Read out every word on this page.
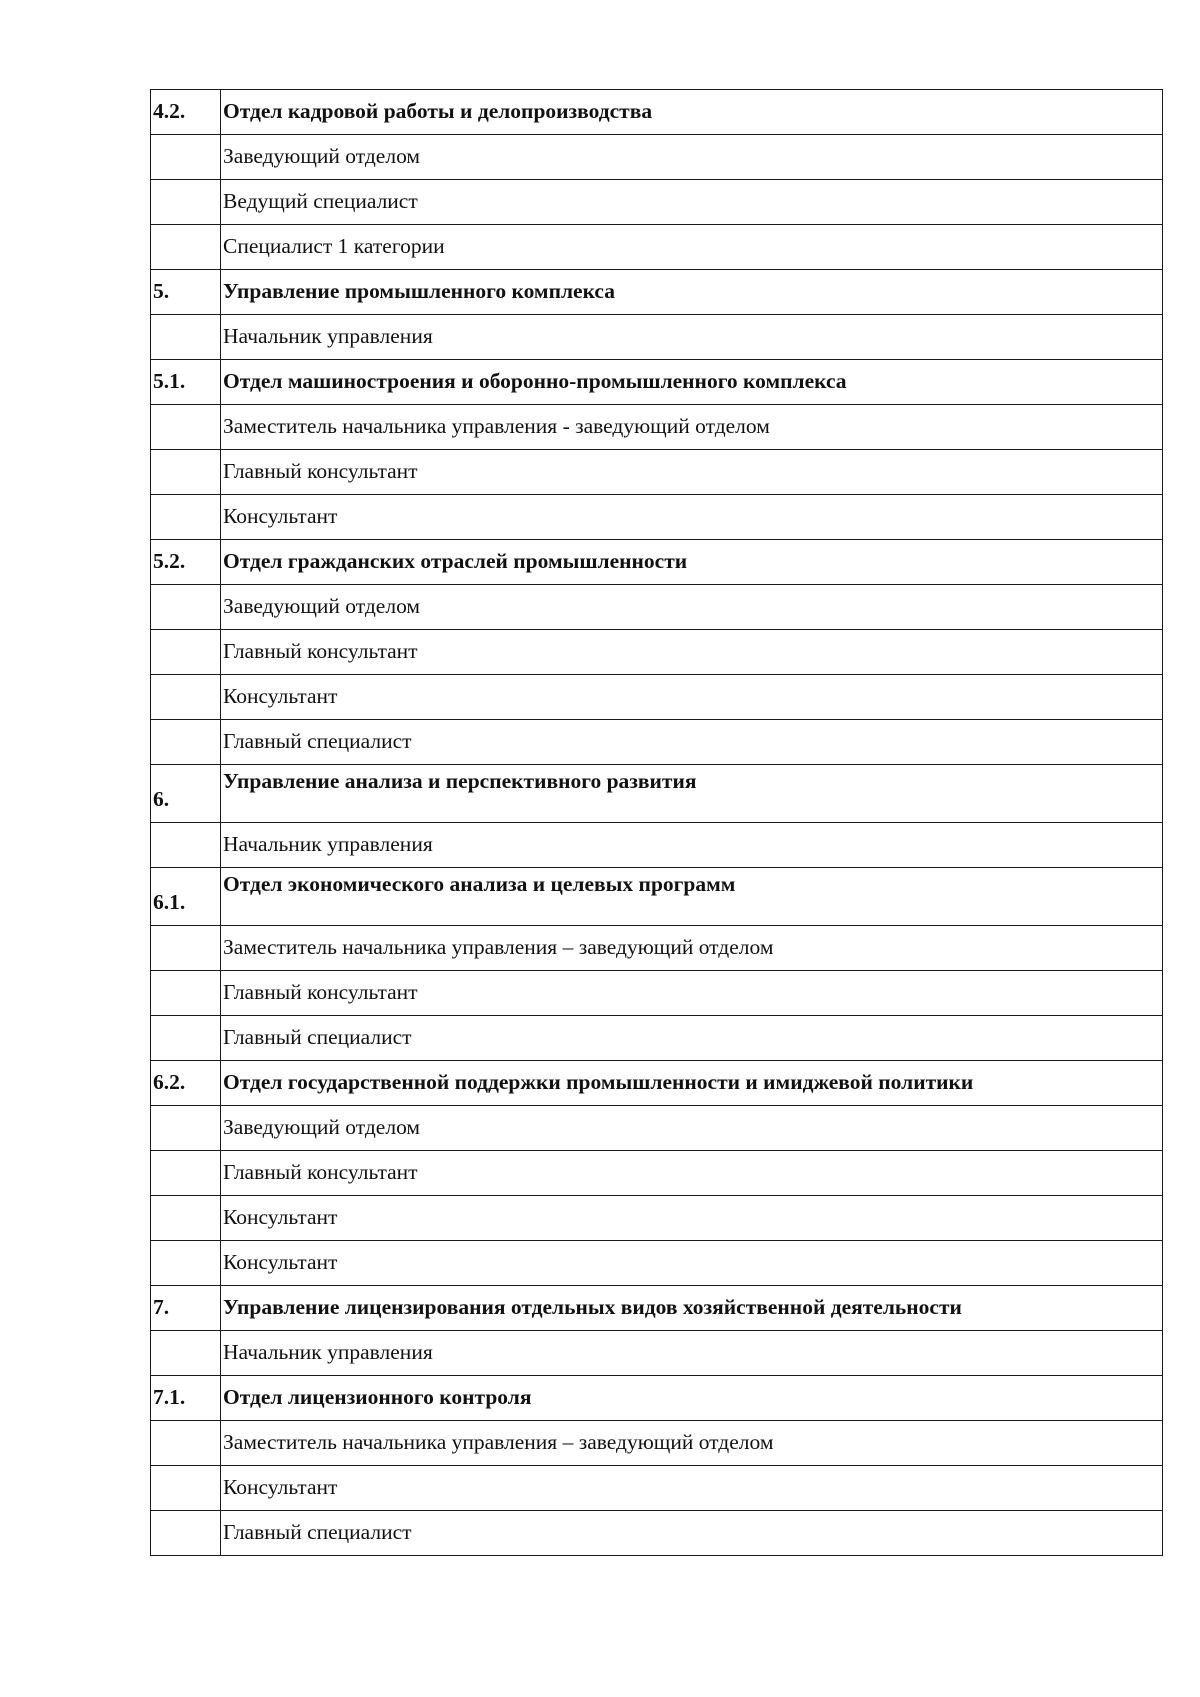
4.2.	Отдел кадровой работы и делопроизводства
	Заведующий отделом
	Ведущий специалист
	Специалист 1 категории
5.	Управление промышленного комплекса
	Начальник управления
5.1.	Отдел машиностроения и оборонно-промышленного комплекса
	Заместитель начальника управления - заведующий отделом
	Главный консультант
	Консультант
5.2.	Отдел гражданских отраслей промышленности
	Заведующий отделом
	Главный консультант
	Консультант
	Главный специалист
6.	Управление анализа и перспективного развития
	Начальник управления
6.1.	Отдел экономического анализа и целевых программ
	Заместитель начальника управления – заведующий отделом
	Главный консультант
	Главный специалист
6.2.	Отдел государственной поддержки промышленности и имиджевой политики
	Заведующий отделом
	Главный консультант
	Консультант
	Консультант
7.	Управление лицензирования отдельных видов хозяйственной деятельности
	Начальник управления
7.1.	Отдел лицензионного контроля
	Заместитель начальника управления – заведующий отделом
	Консультант
	Главный специалист
